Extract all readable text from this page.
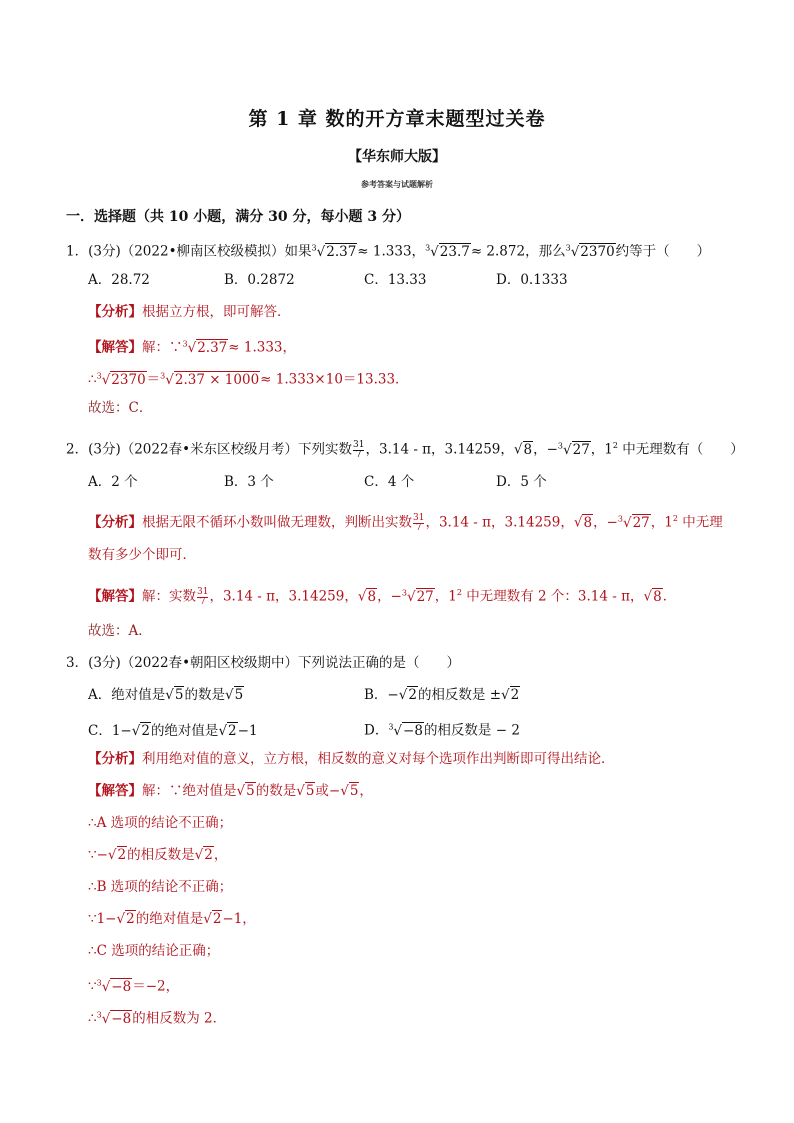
第 1 章 数的开方章末题型过关卷
【华东师大版】
参考答案与试题解析
一．选择题（共 10 小题，满分 30 分，每小题 3 分）
1．(3分)（2022•柳南区校级模拟）如果$^3$√2.37≈ 1.333，$^3$√23.7≈ 2.872，那么$^3$√2370约等于（　　）
A．28.72	B．0.2872	C．13.33	D．0.1333
【分析】根据立方根，即可解答．
【解答】解：∵$^3$√2.37≈ 1.333，
∴$^3$√2370＝$^3$√2.37 × 1000≈ 1.333×10＝13.33．
故选：C．
2．(3分)（2022春•米东区校级月考）下列实数 $\frac{31}{7}$ ，3.14 - π，3.14259，√8，−$^3$√27，$1^2$ 中无理数有（　　）
A．2 个	B．3 个	C．4 个	D．5 个
【分析】根据无限不循环小数叫做无理数，判断出实数 $\frac{31}{7}$ ，3.14 - π，3.14259，√8，−$^3$√27，$1^2$ 中无理
数有多少个即可．
【解答】解：实数 $\frac{31}{7}$ ，3.14 - π，3.14259，√8，−$^3$√27，$1^2$ 中无理数有 2 个：3.14 - π，√8．
故选：A．
3．(3分)（2022春•朝阳区校级期中）下列说法正确的是（　　）
A．绝对值是√5的数是√5	B．−√2的相反数是 ±√2
C．1−√2的绝对值是√2−1	D．$^3$√−8的相反数是 − 2
【分析】利用绝对值的意义，立方根，相反数的意义对每个选项作出判断即可得出结论．
【解答】解：∵绝对值是√5的数是√5或−√5，
∴A 选项的结论不正确；
∵−√2的相反数是√2，
∴B 选项的结论不正确；
∵1−√2的绝对值是√2−1，
∴C 选项的结论正确；
∵$^3$√−8＝−2，
∴$^3$√−8的相反数为 2．
